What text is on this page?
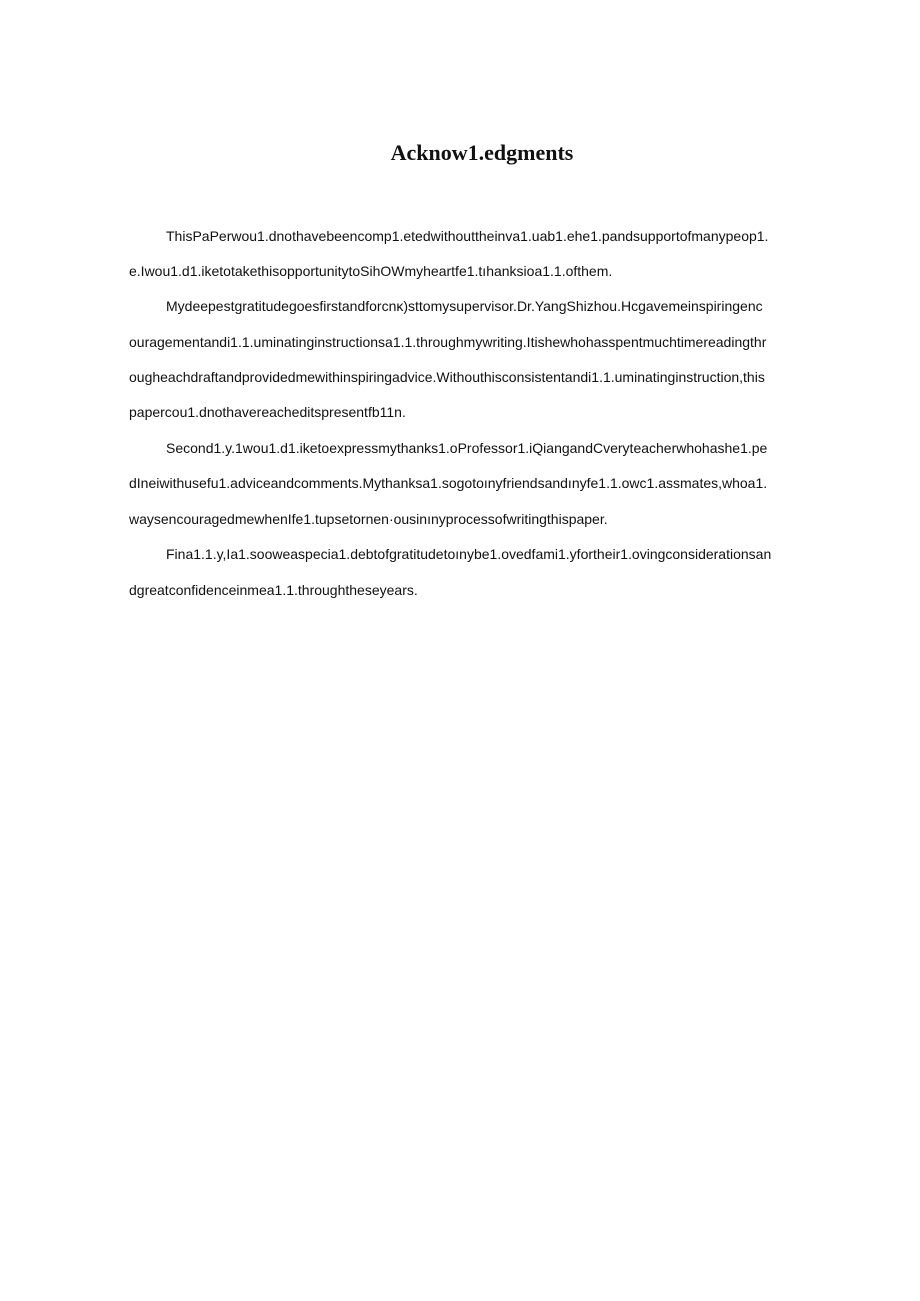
Acknow1.edgments
ThisPaPerwou1.dnothavebeencomp1.etedwithouttheinva1.uab1.ehe1.pandsupportofmanypeop1.
e.Iwou1.d1.iketotakethisopportunitytoSihOWmyheartfe1.tıhanksioa1.1.ofthem.
Mydeepestgratitudegoesfirstandforcnκ)sttomysupervisor.Dr.YangShizhou.Hcgavemeinspiringenc
ouragementandi1.1.uminatinginstructionsa1.1.throughmywriting.Itishewhohasspentmuchtimereadingthr
ougheachdraftandprovidedmewithinspiringadvice.Withouthisconsistentandi1.1.uminatinginstruction,this
papercou1.dnothavereacheditspresentfb11n.
Second1.y.1wou1.d1.iketoexpressmythanks1.oProfessor1.iQiangandCveryteacherwhohashe1.pe
dIneiwithusefu1.adviceandcomments.Mythanksa1.sogotoınyfriendsandınyfe1.1.owc1.assmates,whoa1.
waysencouragedmewhenIfe1.tupsetornen·ousinınyprocessofwritingthispaper.
Fina1.1.y,Ia1.sooweaspecia1.debtofgratitudetoınybe1.ovedfami1.yfortheir1.ovingconsiderationsan
dgreatconfidenceinmea1.1.throughtheseyears.
